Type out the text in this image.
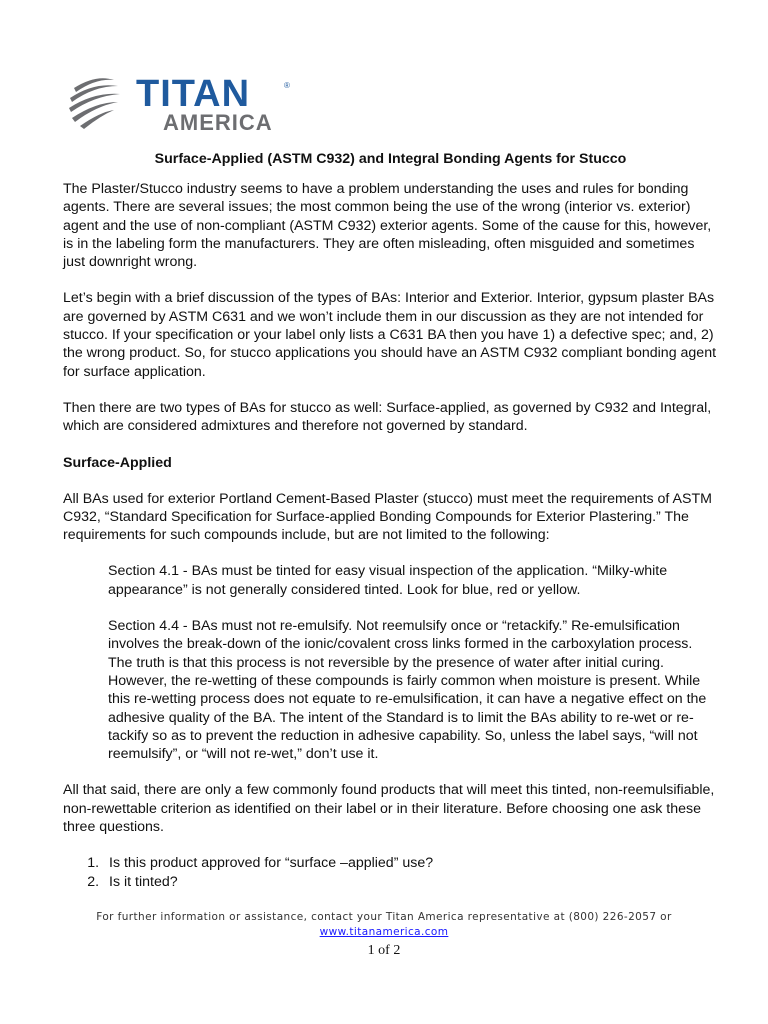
TITAN	®
AMERICA
Surface-Applied (ASTM C932) and Integral Bonding Agents for Stucco

The Plaster/Stucco industry seems to have a problem understanding the uses and rules for bonding agents. There are several issues; the most common being the use of the wrong (interior vs. exterior) agent and the use of non-compliant (ASTM C932) exterior agents. Some of the cause for this, however, is in the labeling form the manufacturers. They are often misleading, often misguided and sometimes just downright wrong.

Let’s begin with a brief discussion of the types of BAs: Interior and Exterior. Interior, gypsum plaster BAs are governed by ASTM C631 and we won’t include them in our discussion as they are not intended for stucco. If your specification or your label only lists a C631 BA then you have 1) a defective spec; and, 2) the wrong product. So, for stucco applications you should have an ASTM C932 compliant bonding agent for surface application.

Then there are two types of BAs for stucco as well: Surface-applied, as governed by C932 and Integral, which are considered admixtures and therefore not governed by standard.

Surface-Applied

All BAs used for exterior Portland Cement-Based Plaster (stucco) must meet the requirements of ASTM C932, “Standard Specification for Surface-applied Bonding Compounds for Exterior Plastering.” The requirements for such compounds include, but are not limited to the following:

Section 4.1 - BAs must be tinted for easy visual inspection of the application. “Milky-white appearance” is not generally considered tinted. Look for blue, red or yellow.

Section 4.4 - BAs must not re-emulsify. Not reemulsify once or “retackify.” Re-emulsification involves the break-down of the ionic/covalent cross links formed in the carboxylation process. The truth is that this process is not reversible by the presence of water after initial curing. However, the re-wetting of these compounds is fairly common when moisture is present. While this re-wetting process does not equate to re-emulsification, it can have a negative effect on the adhesive quality of the BA. The intent of the Standard is to limit the BAs ability to re-wet or re-tackify so as to prevent the reduction in adhesive capability. So, unless the label says, “will not reemulsify”, or “will not re-wet,” don’t use it.

All that said, there are only a few commonly found products that will meet this tinted, non-reemulsifiable, non-rewettable criterion as identified on their label or in their literature. Before choosing one ask these three questions.

1. Is this product approved for “surface –applied” use?
2. Is it tinted?
For further information or assistance, contact your Titan America representative at (800) 226-2057 or
www.titanamerica.com
1 of 2
